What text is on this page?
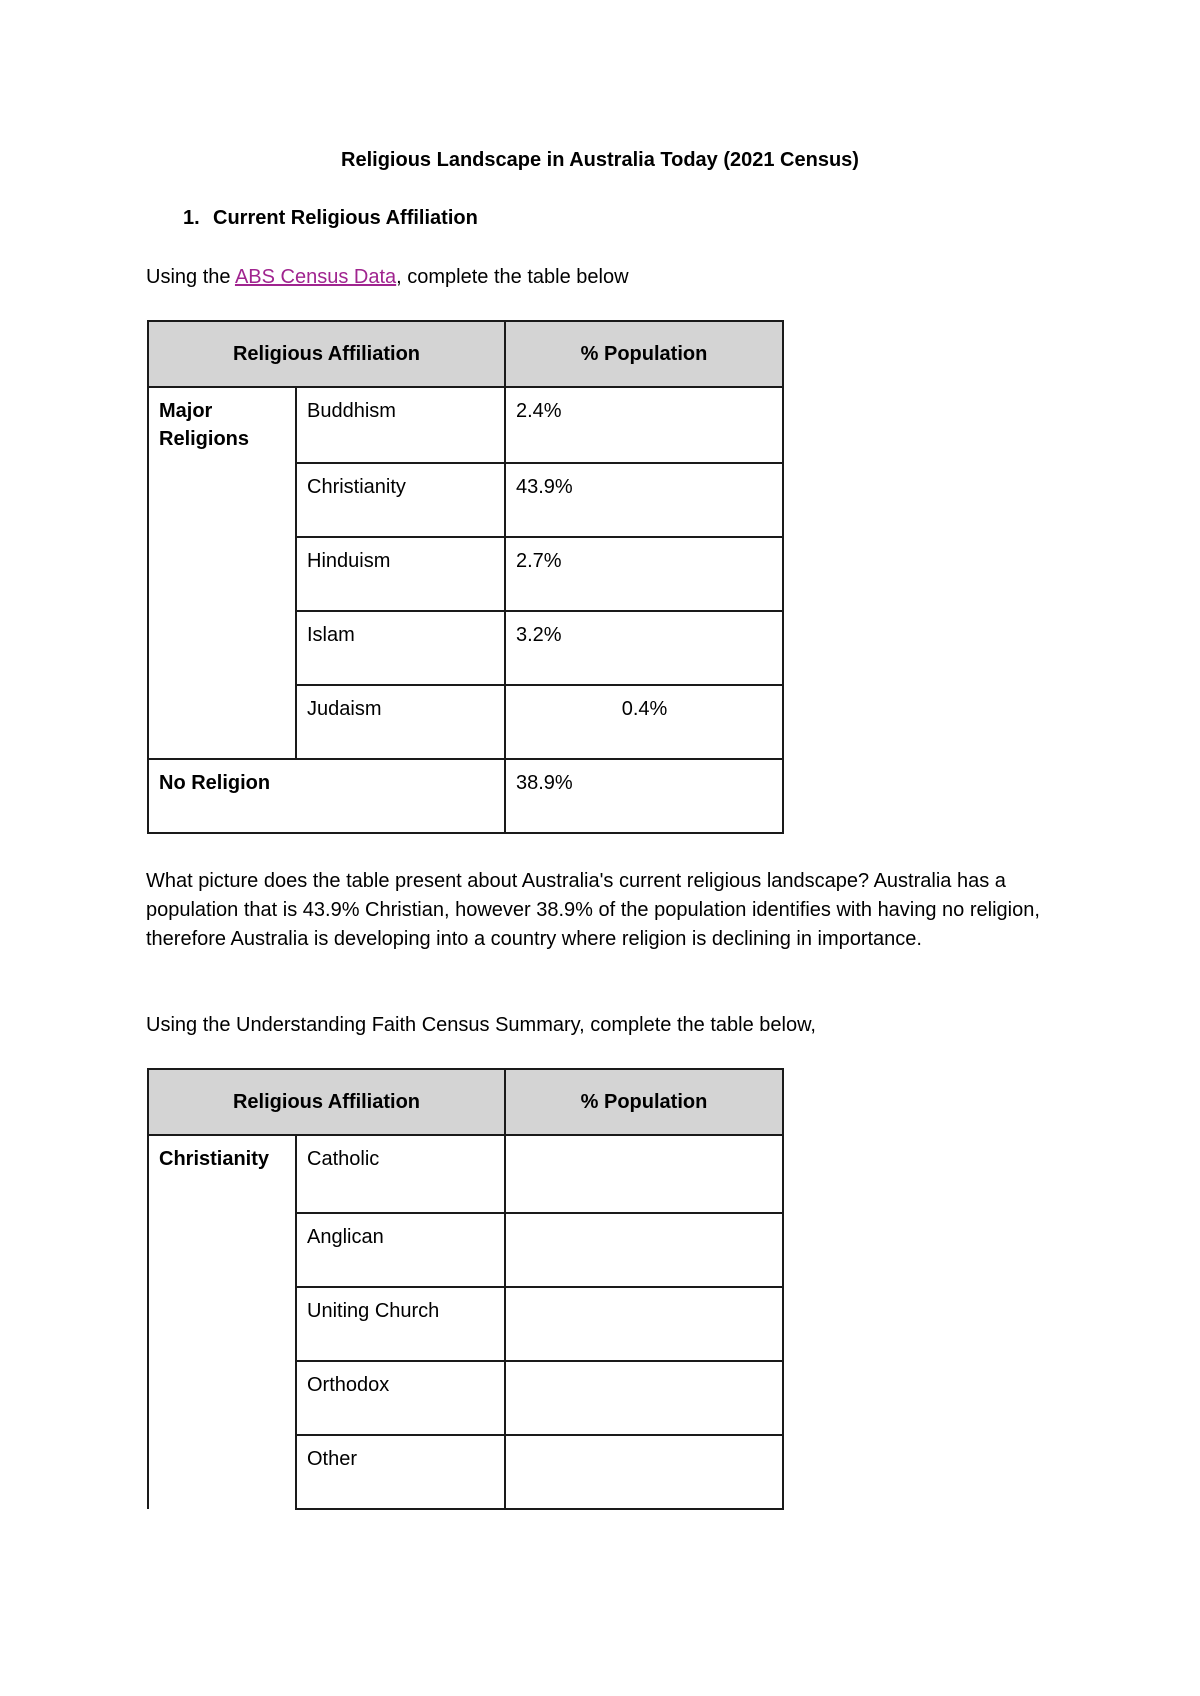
Religious Landscape in Australia Today (2021 Census)
1. Current Religious Affiliation
Using the ABS Census Data, complete the table below
Religious Affiliation		% Population
Major Religions	Buddhism	2.4%
	Christianity	43.9%
	Hinduism	2.7%
	Islam	3.2%
	Judaism	0.4%
No Religion		38.9%
What picture does the table present about Australia's current religious landscape? Australia has a population that is 43.9% Christian, however 38.9% of the population identifies with having no religion, therefore Australia is developing into a country where religion is declining in importance.
Using the Understanding Faith Census Summary, complete the table below,
Religious Affiliation		% Population
Christianity	Catholic	
	Anglican	
	Uniting Church	
	Orthodox	
	Other	
